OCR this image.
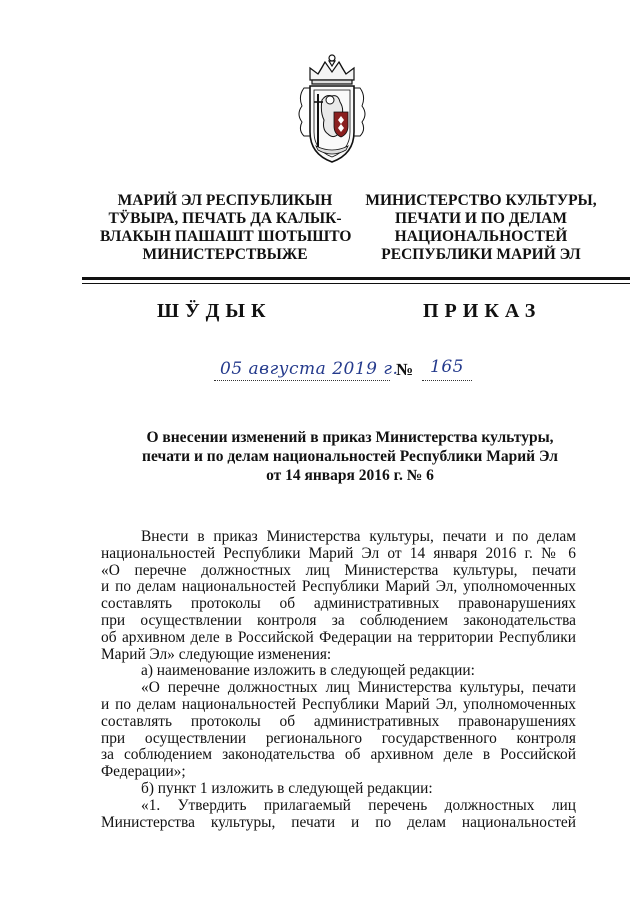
МАРИЙ ЭЛ РЕСПУБЛИКЫН
ТӰВЫРА, ПЕЧАТЬ ДА КАЛЫК-
ВЛАКЫН ПАШАШТ ШОТЫШТО
МИНИСТЕРСТВЫЖЕ
МИНИСТЕРСТВО КУЛЬТУРЫ,
ПЕЧАТИ И ПО ДЕЛАМ
НАЦИОНАЛЬНОСТЕЙ
РЕСПУБЛИКИ МАРИЙ ЭЛ
ШӰДЫК	ПРИКАЗ
05 августа 2019 г.
№ 165
О внесении изменений в приказ Министерства культуры,
печати и по делам национальностей Республики Марий Эл
от 14 января 2016 г. № 6
Внести в приказ Министерства культуры, печати и по делам
национальностей Республики Марий Эл от 14 января 2016 г. № 6
«О перечне должностных лиц Министерства культуры, печати
и по делам национальностей Республики Марий Эл, уполномоченных
составлять протоколы об административных правонарушениях
при осуществлении контроля за соблюдением законодательства
об архивном деле в Российской Федерации на территории Республики
Марий Эл» следующие изменения:
а) наименование изложить в следующей редакции:
«О перечне должностных лиц Министерства культуры, печати
и по делам национальностей Республики Марий Эл, уполномоченных
составлять протоколы об административных правонарушениях
при осуществлении регионального государственного контроля
за соблюдением законодательства об архивном деле в Российской
Федерации»;
б) пункт 1 изложить в следующей редакции:
«1. Утвердить прилагаемый перечень должностных лиц
Министерства культуры, печати и по делам национальностей
